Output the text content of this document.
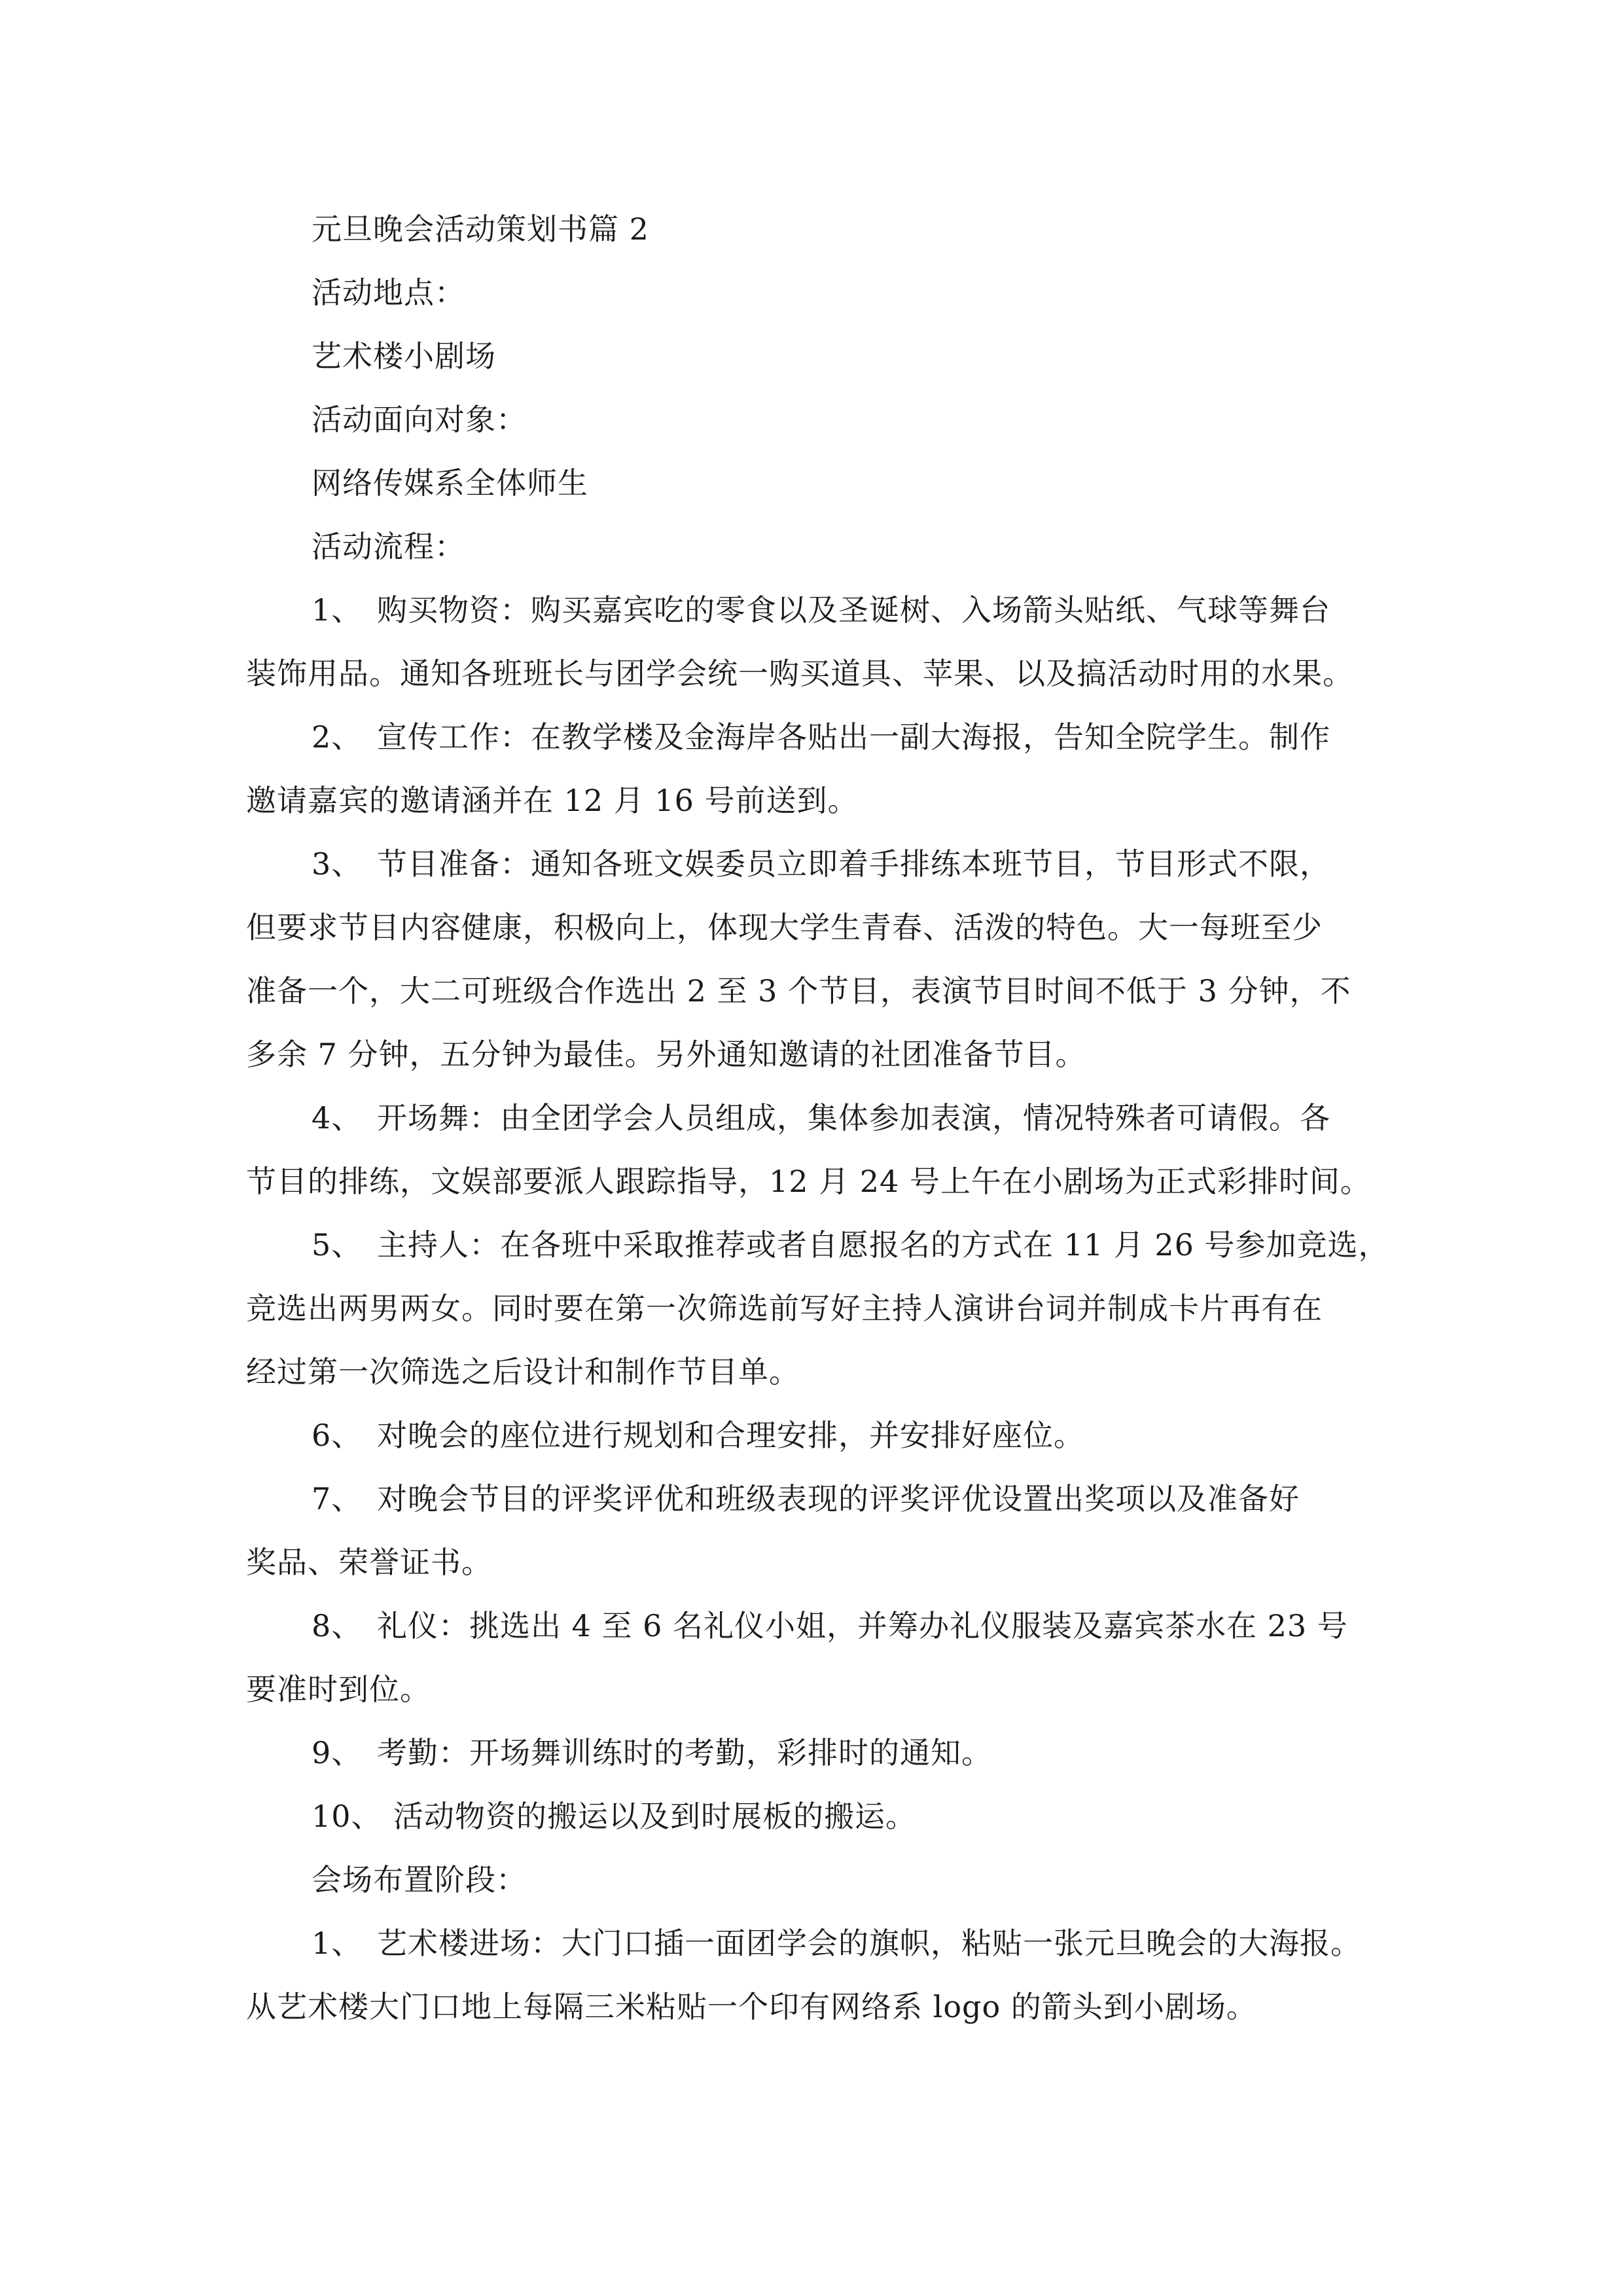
元旦晚会活动策划书篇 2
活动地点：
艺术楼小剧场
活动面向对象：
网络传媒系全体师生
活动流程：
1、 购买物资：购买嘉宾吃的零食以及圣诞树、入场箭头贴纸、气球等舞台
装饰用品。通知各班班长与团学会统一购买道具、苹果、以及搞活动时用的水果。
2、 宣传工作：在教学楼及金海岸各贴出一副大海报，告知全院学生。制作
邀请嘉宾的邀请涵并在 12 月 16 号前送到。
3、 节目准备：通知各班文娱委员立即着手排练本班节目，节目形式不限，
但要求节目内容健康，积极向上，体现大学生青春、活泼的特色。大一每班至少
准备一个，大二可班级合作选出 2 至 3 个节目，表演节目时间不低于 3 分钟，不
多余 7 分钟，五分钟为最佳。另外通知邀请的社团准备节目。
4、 开场舞：由全团学会人员组成，集体参加表演，情况特殊者可请假。各
节目的排练，文娱部要派人跟踪指导，12 月 24 号上午在小剧场为正式彩排时间。
5、 主持人：在各班中采取推荐或者自愿报名的方式在 11 月 26 号参加竞选，
竞选出两男两女。同时要在第一次筛选前写好主持人演讲台词并制成卡片再有在
经过第一次筛选之后设计和制作节目单。
6、 对晚会的座位进行规划和合理安排，并安排好座位。
7、 对晚会节目的评奖评优和班级表现的评奖评优设置出奖项以及准备好
奖品、荣誉证书。
8、 礼仪：挑选出 4 至 6 名礼仪小姐，并筹办礼仪服装及嘉宾茶水在 23 号
要准时到位。
9、 考勤：开场舞训练时的考勤，彩排时的通知。
10、 活动物资的搬运以及到时展板的搬运。
会场布置阶段：
1、 艺术楼进场：大门口插一面团学会的旗帜，粘贴一张元旦晚会的大海报。
从艺术楼大门口地上每隔三米粘贴一个印有网络系 logo 的箭头到小剧场。
